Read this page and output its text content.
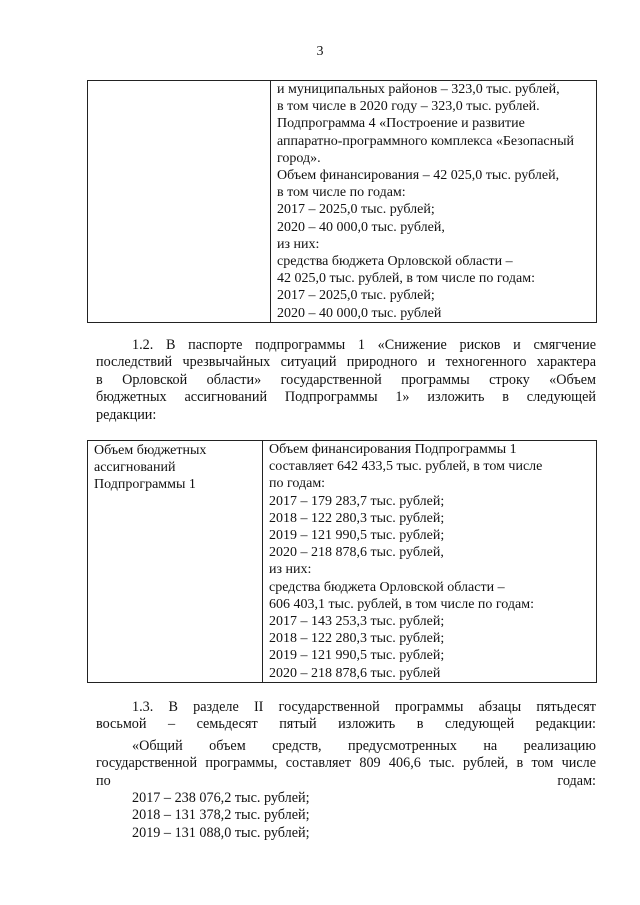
3

и муниципальных районов – 323,0 тыс. рублей,
в том числе в 2020 году – 323,0 тыс. рублей.
Подпрограмма 4 «Построение и развитие
аппаратно-программного комплекса «Безопасный
город».
Объем финансирования – 42 025,0 тыс. рублей,
в том числе по годам:
2017 – 2025,0 тыс. рублей;
2020 – 40 000,0 тыс. рублей,
из них:
средства бюджета Орловской области –
42 025,0 тыс. рублей, в том числе по годам:
2017 – 2025,0 тыс. рублей;
2020 – 40 000,0 тыс. рублей
1.2. В паспорте подпрограммы 1 «Снижение рисков и смягчение
последствий чрезвычайных ситуаций природного и техногенного характера
в Орловской области» государственной программы строку «Объем
бюджетных ассигнований Подпрограммы 1» изложить в следующей
редакции:
Объем бюджетных
ассигнований
Подпрограммы 1

Объем финансирования Подпрограммы 1
составляет 642 433,5 тыс. рублей, в том числе
по годам:
2017 – 179 283,7 тыс. рублей;
2018 – 122 280,3 тыс. рублей;
2019 – 121 990,5 тыс. рублей;
2020 – 218 878,6 тыс. рублей,
из них:
средства бюджета Орловской области –
606 403,1 тыс. рублей, в том числе по годам:
2017 – 143 253,3 тыс. рублей;
2018 – 122 280,3 тыс. рублей;
2019 – 121 990,5 тыс. рублей;
2020 – 218 878,6 тыс. рублей
1.3. В разделе II государственной программы абзацы пятьдесят
восьмой – семьдесят пятый изложить в следующей редакции:
«Общий объем средств, предусмотренных на реализацию
государственной программы, составляет 809 406,6 тыс. рублей, в том числе
по годам:
2017 – 238 076,2 тыс. рублей;
2018 – 131 378,2 тыс. рублей;
2019 – 131 088,0 тыс. рублей;
